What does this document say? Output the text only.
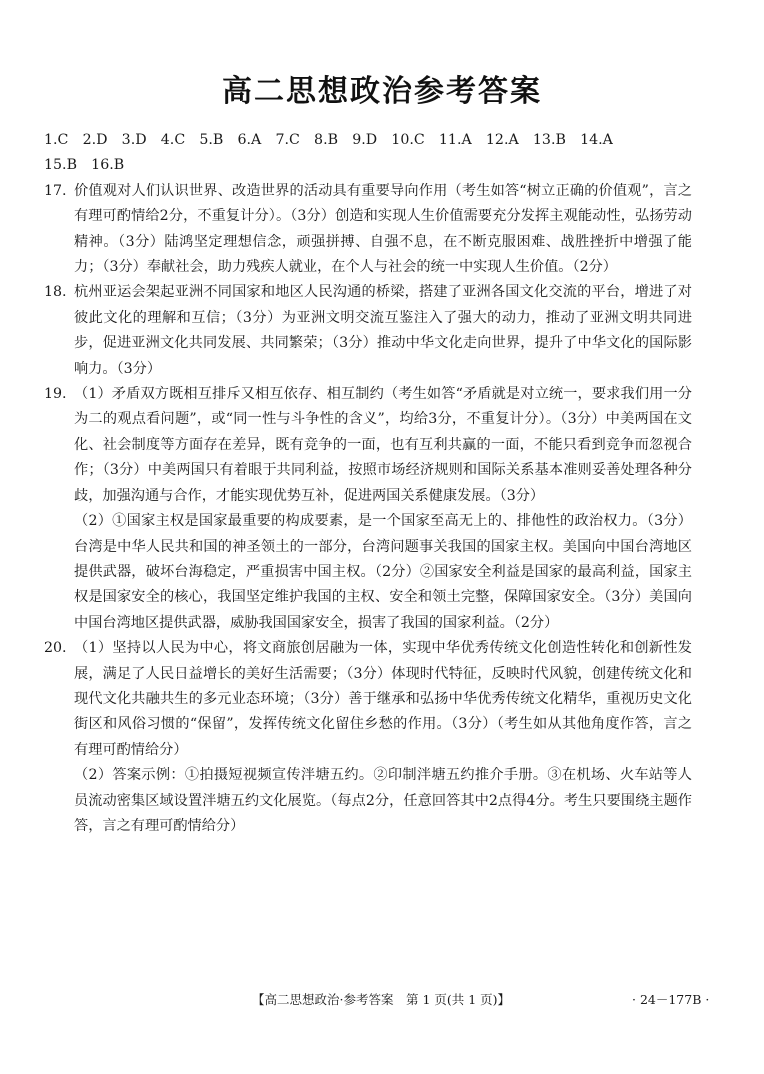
高二思想政治参考答案
1.C　2.D　3.D　4.C　5.B　6.A　7.C　8.B　9.D　10.C　11.A　12.A　13.B　14.A
15.B　16.B
17. 价值观对人们认识世界、改造世界的活动具有重要导向作用（考生如答“树立正确的价值观”，言之有理可酌情给2分，不重复计分）。（3分）创造和实现人生价值需要充分发挥主观能动性，弘扬劳动精神。（3分）陆鸿坚定理想信念，顽强拼搏、自强不息，在不断克服困难、战胜挫折中增强了能力；（3分）奉献社会，助力残疾人就业，在个人与社会的统一中实现人生价值。（2分）
18. 杭州亚运会架起亚洲不同国家和地区人民沟通的桥梁，搭建了亚洲各国文化交流的平台，增进了对彼此文化的理解和互信；（3分）为亚洲文明交流互鉴注入了强大的动力，推动了亚洲文明共同进步，促进亚洲文化共同发展、共同繁荣；（3分）推动中华文化走向世界，提升了中华文化的国际影响力。（3分）
19. （1）矛盾双方既相互排斥又相互依存、相互制约（考生如答“矛盾就是对立统一，要求我们用一分为二的观点看问题”，或“同一性与斗争性的含义”，均给3分，不重复计分）。（3分）中美两国在文化、社会制度等方面存在差异，既有竞争的一面，也有互利共赢的一面，不能只看到竞争而忽视合作；（3分）中美两国只有着眼于共同利益，按照市场经济规则和国际关系基本准则妥善处理各种分歧，加强沟通与合作，才能实现优势互补，促进两国关系健康发展。（3分）
（2）①国家主权是国家最重要的构成要素，是一个国家至高无上的、排他性的政治权力。（3分）台湾是中华人民共和国的神圣领土的一部分，台湾问题事关我国的国家主权。美国向中国台湾地区提供武器，破坏台海稳定，严重损害中国主权。（2分）②国家安全利益是国家的最高利益，国家主权是国家安全的核心，我国坚定维护我国的主权、安全和领土完整，保障国家安全。（3分）美国向中国台湾地区提供武器，威胁我国国家安全，损害了我国的国家利益。（2分）
20. （1）坚持以人民为中心，将文商旅创居融为一体，实现中华优秀传统文化创造性转化和创新性发展，满足了人民日益增长的美好生活需要；（3分）体现时代特征，反映时代风貌，创建传统文化和现代文化共融共生的多元业态环境；（3分）善于继承和弘扬中华优秀传统文化精华，重视历史文化街区和风俗习惯的“保留”，发挥传统文化留住乡愁的作用。（3分）（考生如从其他角度作答，言之有理可酌情给分）
（2）答案示例：①拍摄短视频宣传泮塘五约。②印制泮塘五约推介手册。③在机场、火车站等人员流动密集区域设置泮塘五约文化展览。（每点2分，任意回答其中2点得4分。考生只要围绕主题作答，言之有理可酌情给分）
【高二思想政治·参考答案　第 1 页(共 1 页)】	· 24－177B ·
